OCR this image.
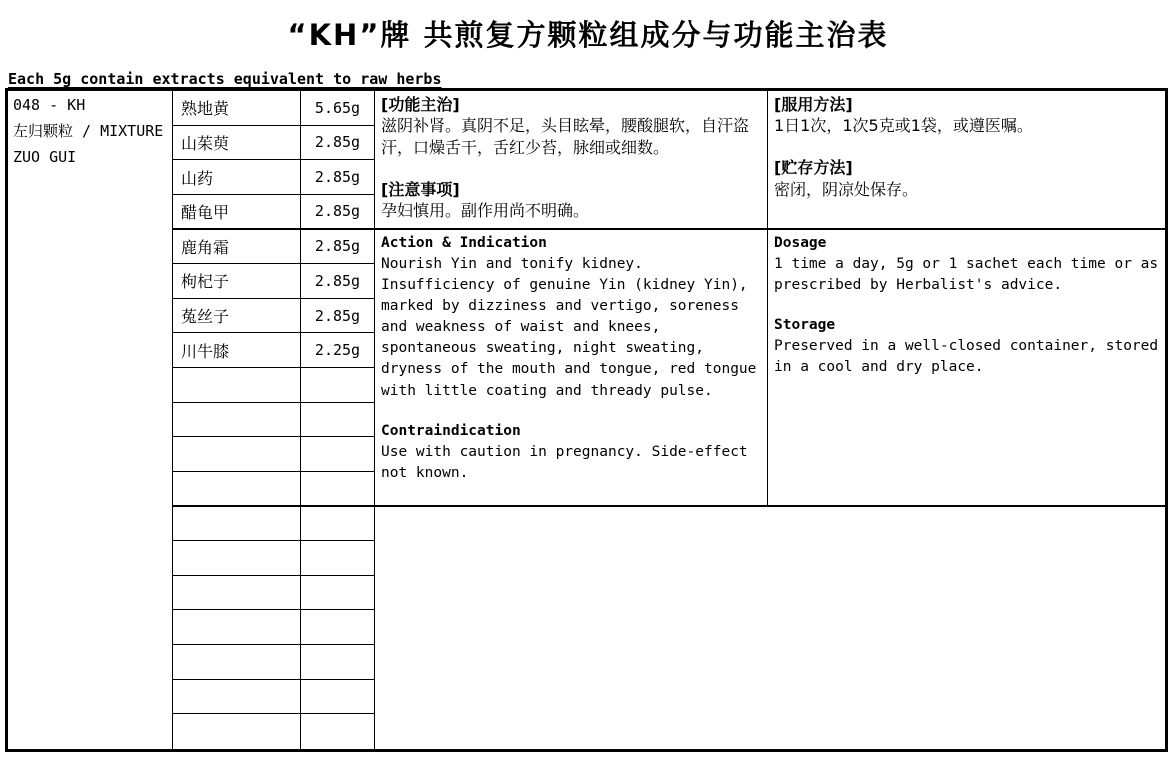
“KH”牌 共煎复方颗粒组成分与功能主治表
Each 5g contain extracts equivalent to raw herbs
048 - KH
左归颗粒 / MIXTURE
ZUO GUI
熟地黄	5.65g
山茱萸	2.85g
山药	2.85g
醋龟甲	2.85g
鹿角霜	2.85g
枸杞子	2.85g
菟丝子	2.85g
川牛膝	2.25g
[功能主治]
滋阴补肾。真阴不足，头目眩晕，腰酸腿软，自汗盗汗，口燥舌干，舌红少苔，脉细或细数。
[注意事项]
孕妇慎用。副作用尚不明确。
[服用方法]
1日1次，1次5克或1袋，或遵医嘱。
[贮存方法]
密闭，阴凉处保存。
Action & Indication
Nourish Yin and tonify kidney. Insufficiency of genuine Yin (kidney Yin), marked by dizziness and vertigo, soreness and weakness of waist and knees, spontaneous sweating, night sweating, dryness of the mouth and tongue, red tongue with little coating and thready pulse.
Contraindication
Use with caution in pregnancy. Side-effect not known.
Dosage
1 time a day, 5g or 1 sachet each time or as prescribed by Herbalist's advice.
Storage
Preserved in a well-closed container, stored in a cool and dry place.
